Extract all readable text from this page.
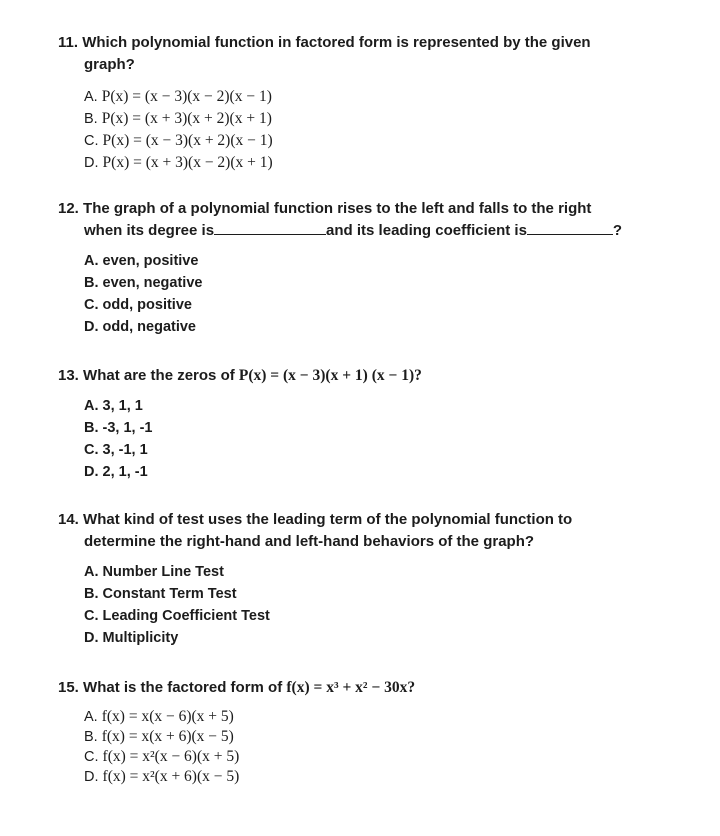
11. Which polynomial function in factored form is represented by the given
graph?
A. P(x) = (x − 3)(x − 2)(x − 1)
B. P(x) = (x + 3)(x + 2)(x + 1)
C. P(x) = (x − 3)(x + 2)(x − 1)
D. P(x) = (x + 3)(x − 2)(x + 1)
12. The graph of a polynomial function rises to the left and falls to the right
when its degree is	and its leading coefficient is	?
A. even, positive
B. even, negative
C. odd, positive
D. odd, negative
13. What are the zeros of P(x) = (x − 3)(x + 1) (x − 1)?
A. 3, 1, 1
B. -3, 1, -1
C. 3, -1, 1
D. 2, 1, -1
14. What kind of test uses the leading term of the polynomial function to
determine the right-hand and left-hand behaviors of the graph?
A. Number Line Test
B. Constant Term Test
C. Leading Coefficient Test
D. Multiplicity
15. What is the factored form of f(x) = x³ + x² − 30x?
A. f(x) = x(x − 6)(x + 5)
B. f(x) = x(x + 6)(x − 5)
C. f(x) = x²(x − 6)(x + 5)
D. f(x) = x²(x + 6)(x − 5)
